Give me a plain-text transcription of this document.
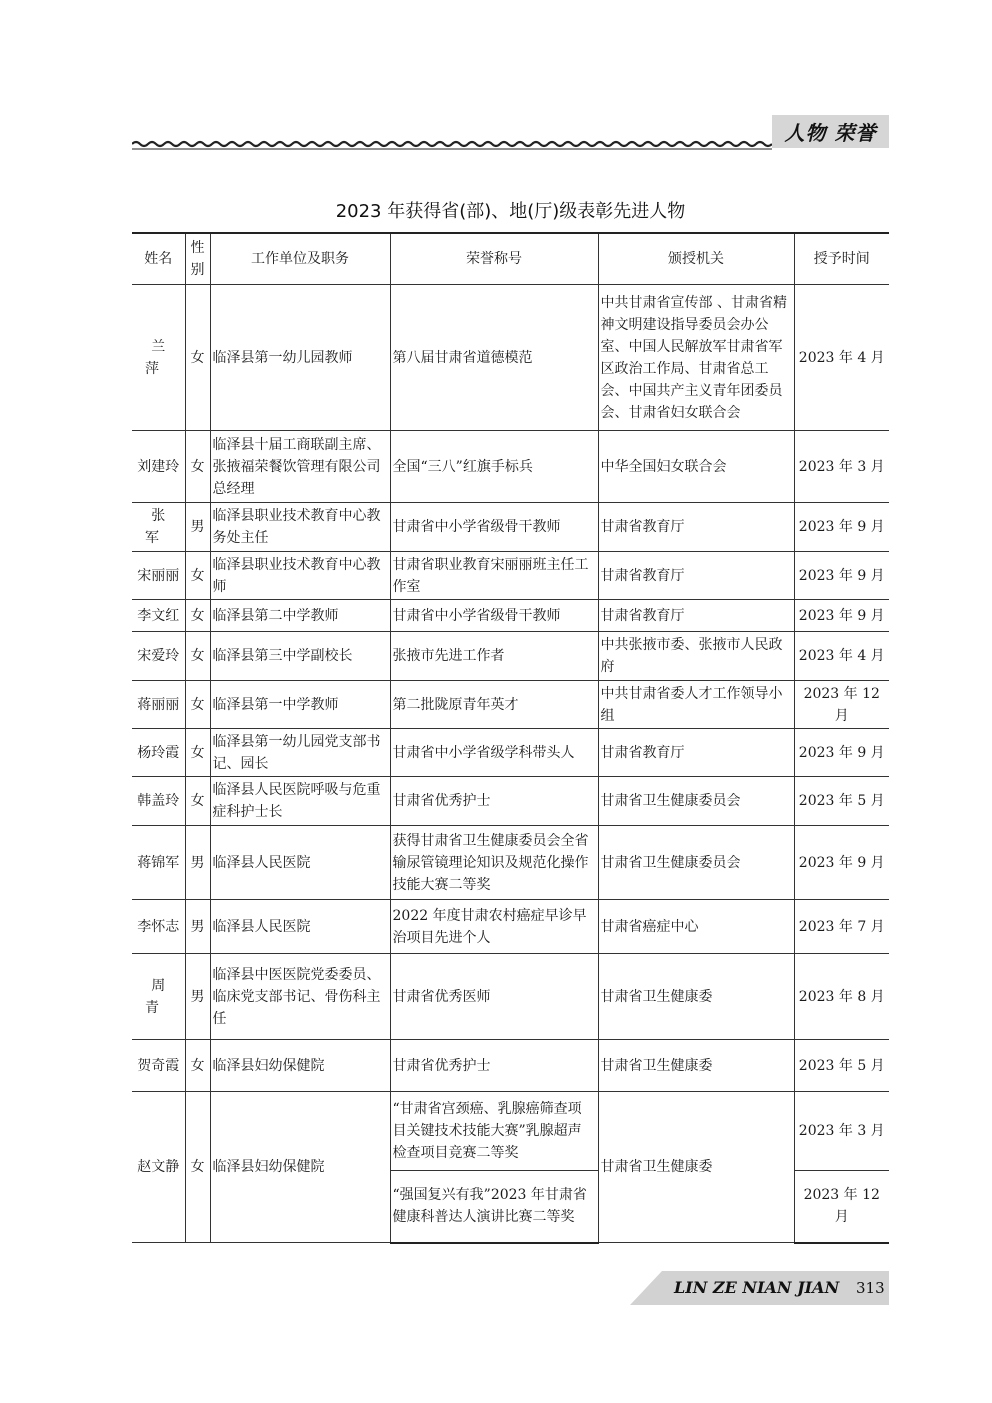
人物 荣誉
2023 年获得省(部)、地(厅)级表彰先进人物
姓名	性别	工作单位及职务	荣誉称号	颁授机关	授予时间
兰 萍	女	临泽县第一幼儿园教师	第八届甘肃省道德模范	中共甘肃省宣传部 、甘肃省精神文明建设指导委员会办公室、中国人民解放军甘肃省军区政治工作局、甘肃省总工会、中国共产主义青年团委员会、甘肃省妇女联合会	2023 年 4 月
刘建玲	女	临泽县十届工商联副主席、张掖福荣餐饮管理有限公司总经理	全国“三八”红旗手标兵	中华全国妇女联合会	2023 年 3 月
张 军	男	临泽县职业技术教育中心教务处主任	甘肃省中小学省级骨干教师	甘肃省教育厅	2023 年 9 月
宋丽丽	女	临泽县职业技术教育中心教师	甘肃省职业教育宋丽丽班主任工作室	甘肃省教育厅	2023 年 9 月
李文红	女	临泽县第二中学教师	甘肃省中小学省级骨干教师	甘肃省教育厅	2023 年 9 月
宋爱玲	女	临泽县第三中学副校长	张掖市先进工作者	中共张掖市委、张掖市人民政府	2023 年 4 月
蒋丽丽	女	临泽县第一中学教师	第二批陇原青年英才	中共甘肃省委人才工作领导小组	2023 年 12 月
杨玲霞	女	临泽县第一幼儿园党支部书记、园长	甘肃省中小学省级学科带头人	甘肃省教育厅	2023 年 9 月
韩盖玲	女	临泽县人民医院呼吸与危重症科护士长	甘肃省优秀护士	甘肃省卫生健康委员会	2023 年 5 月
蒋锦军	男	临泽县人民医院	获得甘肃省卫生健康委员会全省输尿管镜理论知识及规范化操作技能大赛二等奖	甘肃省卫生健康委员会	2023 年 9 月
李怀志	男	临泽县人民医院	2022 年度甘肃农村癌症早诊早治项目先进个人	甘肃省癌症中心	2023 年 7 月
周 青	男	临泽县中医医院党委委员、临床党支部书记、骨伤科主任	甘肃省优秀医师	甘肃省卫生健康委	2023 年 8 月
贺奇霞	女	临泽县妇幼保健院	甘肃省优秀护士	甘肃省卫生健康委	2023 年 5 月
赵文静	女	临泽县妇幼保健院	“甘肃省宫颈癌、乳腺癌筛查项目关键技术技能大赛”乳腺超声检查项目竞赛二等奖	甘肃省卫生健康委	2023 年 3 月
			“强国复兴有我”2023 年甘肃省健康科普达人演讲比赛二等奖		2023 年 12 月
LIN ZE NIAN JIAN 313
